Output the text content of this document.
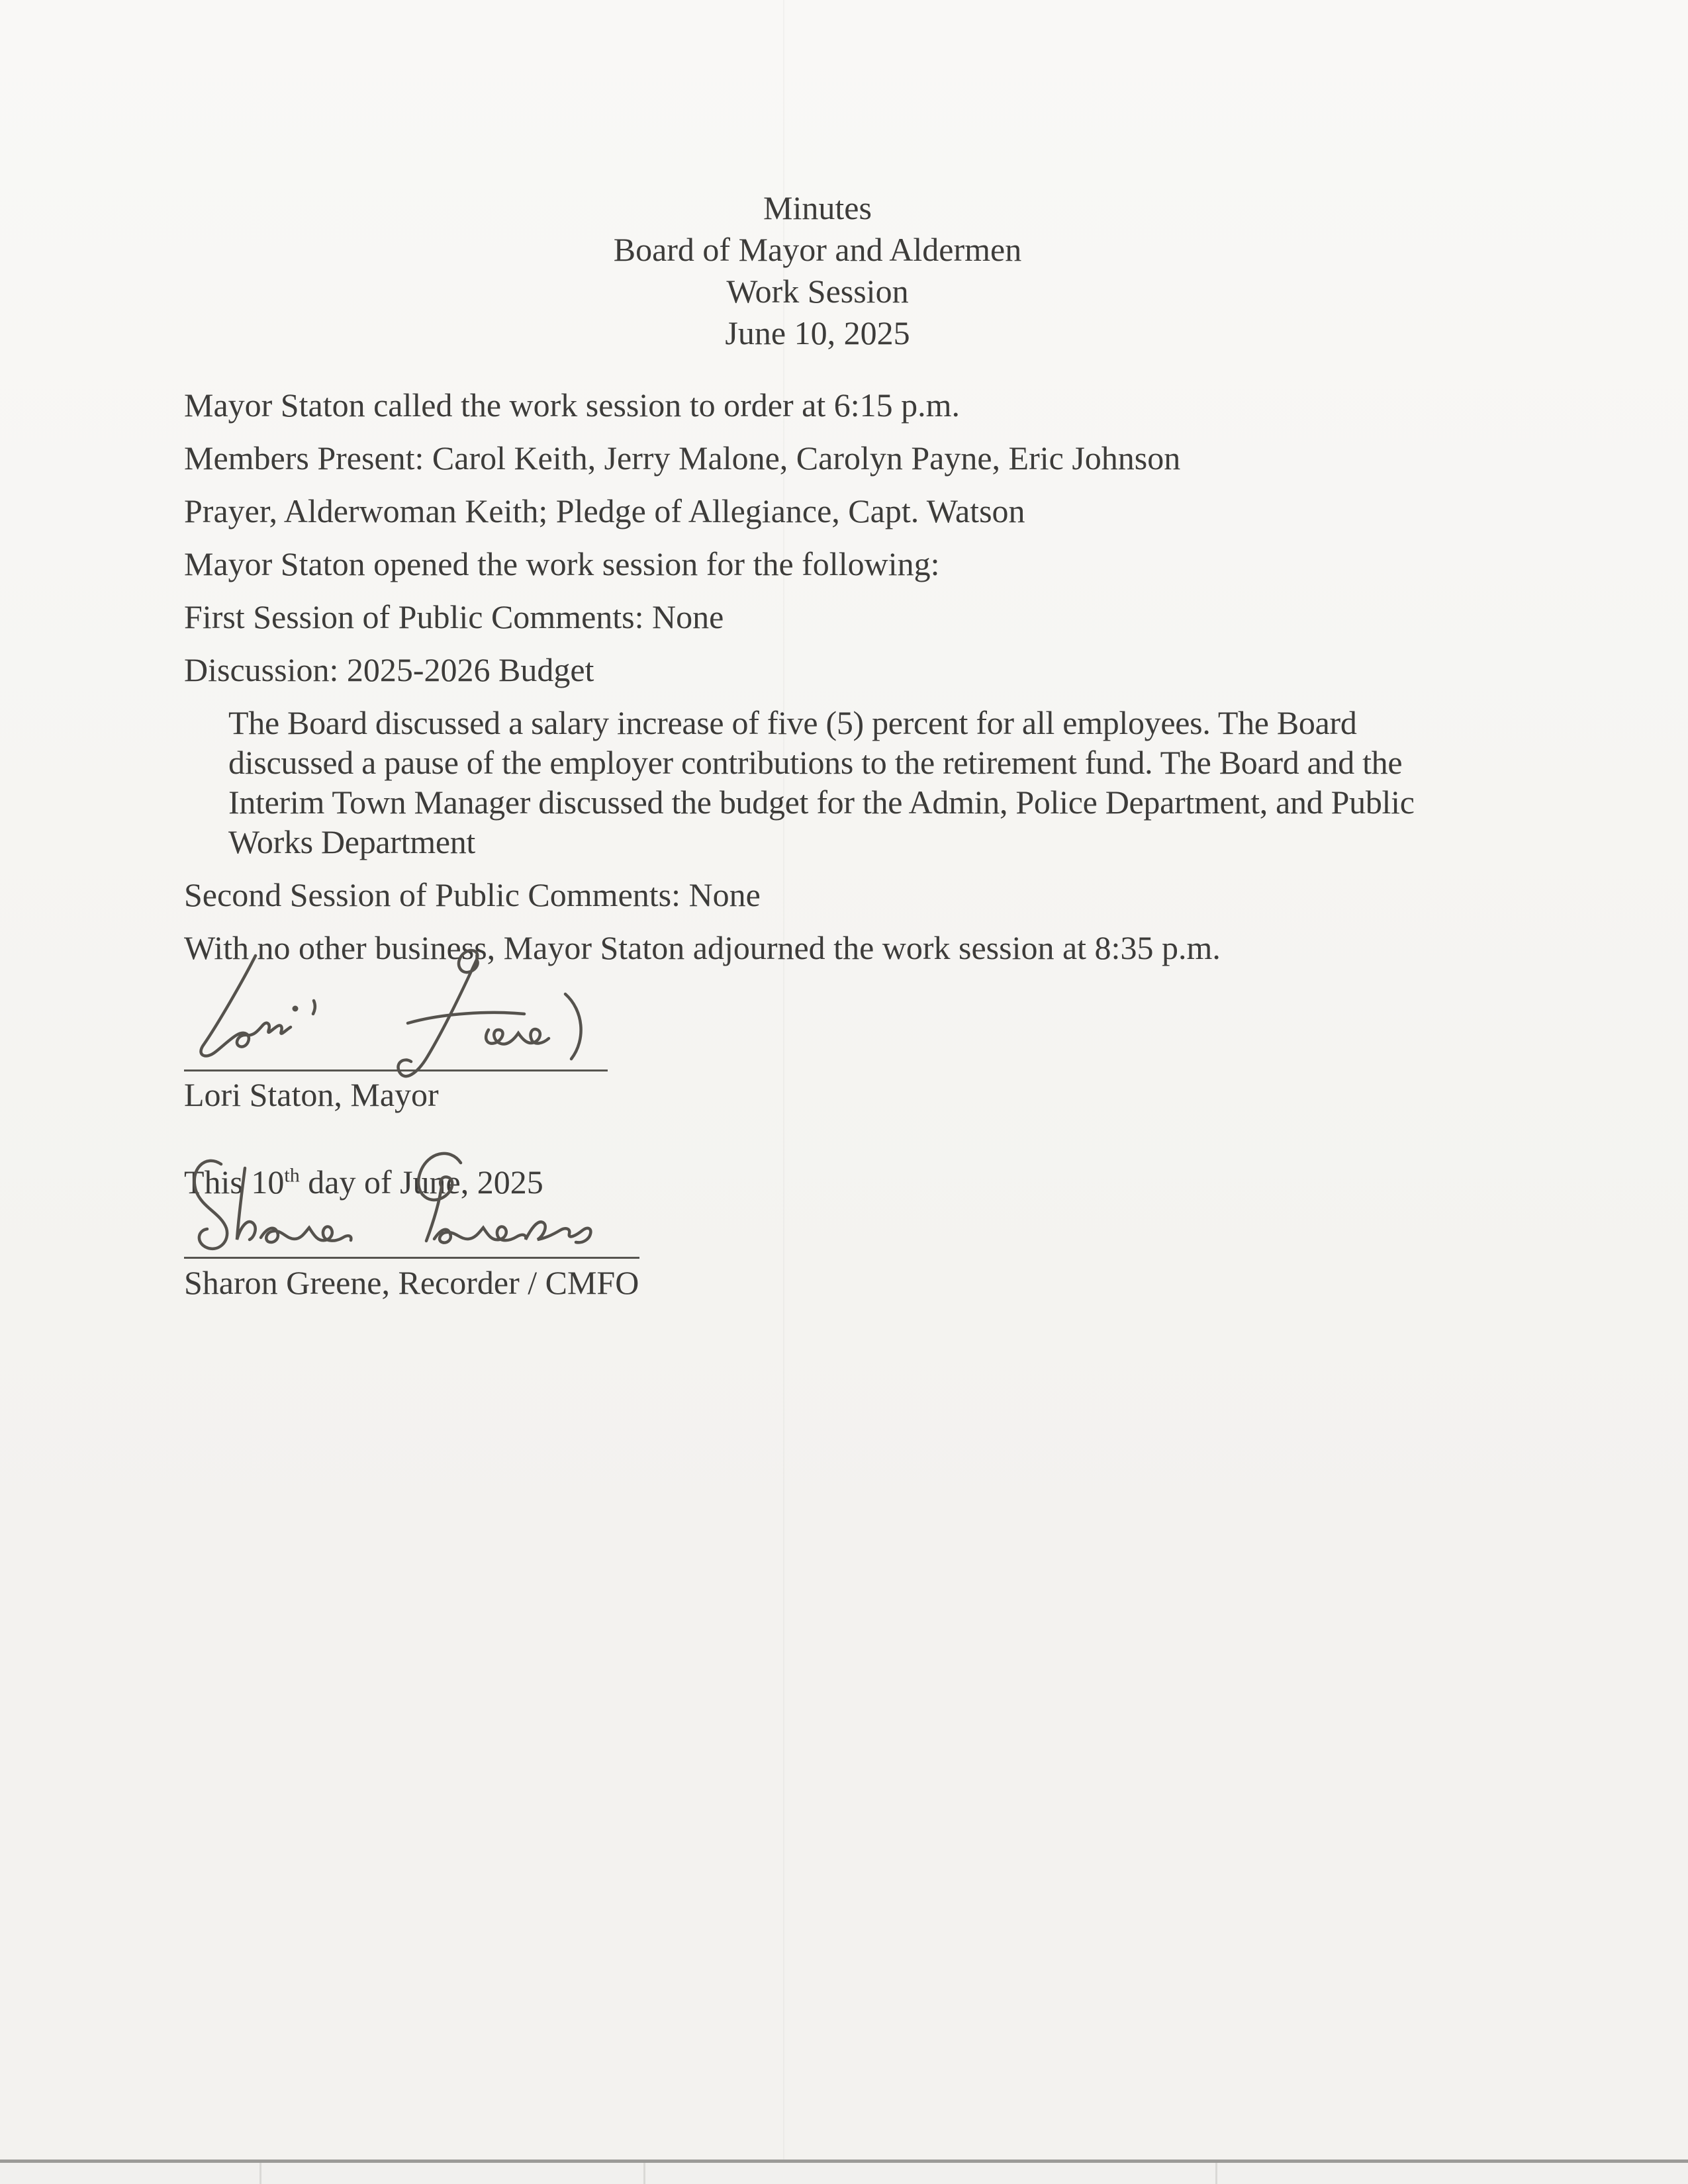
Minutes
Board of Mayor and Aldermen
Work Session
June 10, 2025

Mayor Staton called the work session to order at 6:15 p.m.

Members Present: Carol Keith, Jerry Malone, Carolyn Payne, Eric Johnson

Prayer, Alderwoman Keith; Pledge of Allegiance, Capt. Watson

Mayor Staton opened the work session for the following:

First Session of Public Comments: None

Discussion: 2025-2026 Budget

The Board discussed a salary increase of five (5) percent for all employees. The Board discussed a pause of the employer contributions to the retirement fund. The Board and the Interim Town Manager discussed the budget for the Admin, Police Department, and Public Works Department

Second Session of Public Comments: None

With no other business, Mayor Staton adjourned the work session at 8:35 p.m.

Lori Staton, Mayor

This 10th day of June, 2025

Sharon Greene, Recorder / CMFO
